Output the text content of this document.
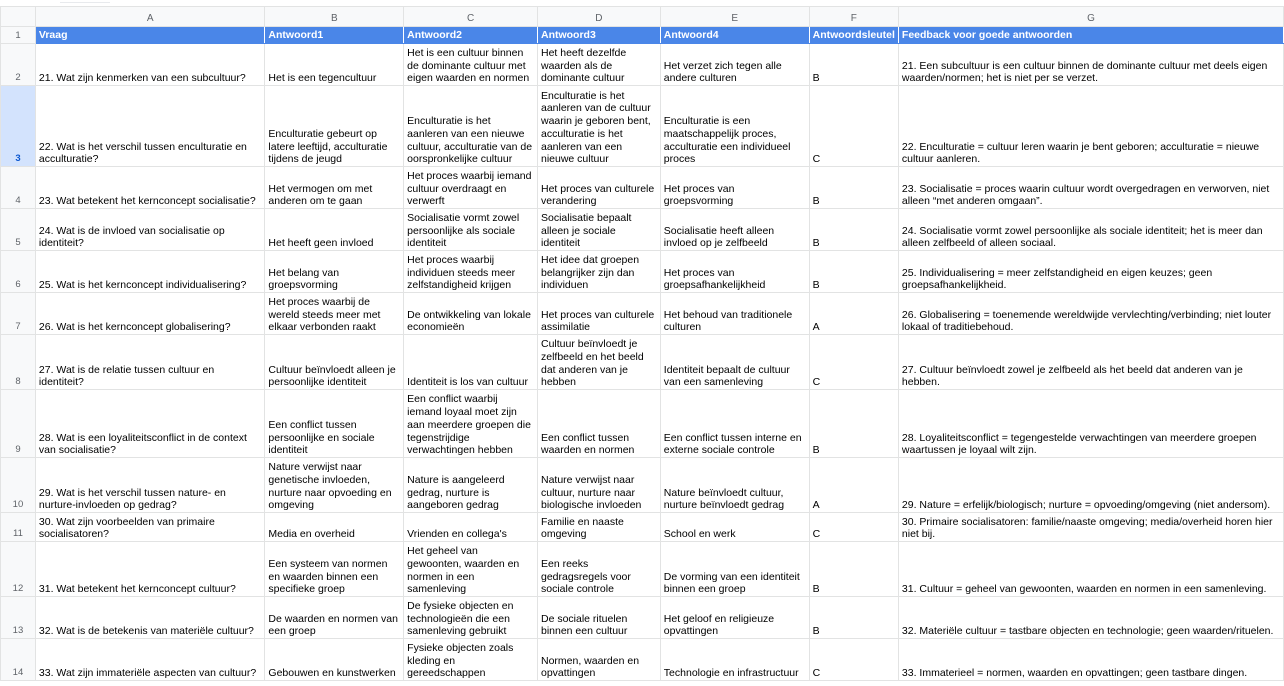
	A	B	C	D	E	F	G
1	Vraag	Antwoord1	Antwoord2	Antwoord3	Antwoord4	Antwoordsleutel	Feedback voor goede antwoorden
2	21. Wat zijn kenmerken van een subcultuur?	Het is een tegencultuur	Het is een cultuur binnen de dominante cultuur met eigen waarden en normen	Het heeft dezelfde waarden als de dominante cultuur	Het verzet zich tegen alle andere culturen	B	21. Een subcultuur is een cultuur binnen de dominante cultuur met deels eigen waarden/normen; het is niet per se verzet.
3	22. Wat is het verschil tussen enculturatie en acculturatie?	Enculturatie gebeurt op latere leeftijd, acculturatie tijdens de jeugd	Enculturatie is het aanleren van een nieuwe cultuur, acculturatie van de oorspronkelijke cultuur	Enculturatie is het aanleren van de cultuur waarin je geboren bent, acculturatie is het aanleren van een nieuwe cultuur	Enculturatie is een maatschappelijk proces, acculturatie een individueel proces	C	22. Enculturatie = cultuur leren waarin je bent geboren; acculturatie = nieuwe cultuur aanleren.
4	23. Wat betekent het kernconcept socialisatie?	Het vermogen om met anderen om te gaan	Het proces waarbij iemand cultuur overdraagt en verwerft	Het proces van culturele verandering	Het proces van groepsvorming	B	23. Socialisatie = proces waarin cultuur wordt overgedragen en verworven, niet alleen “met anderen omgaan”.
5	24. Wat is de invloed van socialisatie op identiteit?	Het heeft geen invloed	Socialisatie vormt zowel persoonlijke als sociale identiteit	Socialisatie bepaalt alleen je sociale identiteit	Socialisatie heeft alleen invloed op je zelfbeeld	B	24. Socialisatie vormt zowel persoonlijke als sociale identiteit; het is meer dan alleen zelfbeeld of alleen sociaal.
6	25. Wat is het kernconcept individualisering?	Het belang van groepsvorming	Het proces waarbij individuen steeds meer zelfstandigheid krijgen	Het idee dat groepen belangrijker zijn dan individuen	Het proces van groepsafhankelijkheid	B	25. Individualisering = meer zelfstandigheid en eigen keuzes; geen groepsafhankelijkheid.
7	26. Wat is het kernconcept globalisering?	Het proces waarbij de wereld steeds meer met elkaar verbonden raakt	De ontwikkeling van lokale economieën	Het proces van culturele assimilatie	Het behoud van traditionele culturen	A	26. Globalisering = toenemende wereldwijde vervlechting/verbinding; niet louter lokaal of traditiebehoud.
8	27. Wat is de relatie tussen cultuur en identiteit?	Cultuur beïnvloedt alleen je persoonlijke identiteit	Identiteit is los van cultuur	Cultuur beïnvloedt je zelfbeeld en het beeld dat anderen van je hebben	Identiteit bepaalt de cultuur van een samenleving	C	27. Cultuur beïnvloedt zowel je zelfbeeld als het beeld dat anderen van je hebben.
9	28. Wat is een loyaliteitsconflict in de context van socialisatie?	Een conflict tussen persoonlijke en sociale identiteit	Een conflict waarbij iemand loyaal moet zijn aan meerdere groepen die tegenstrijdige verwachtingen hebben	Een conflict tussen waarden en normen	Een conflict tussen interne en externe sociale controle	B	28. Loyaliteitsconflict = tegengestelde verwachtingen van meerdere groepen waartussen je loyaal wilt zijn.
10	29. Wat is het verschil tussen nature- en nurture-invloeden op gedrag?	Nature verwijst naar genetische invloeden, nurture naar opvoeding en omgeving	Nature is aangeleerd gedrag, nurture is aangeboren gedrag	Nature verwijst naar cultuur, nurture naar biologische invloeden	Nature beïnvloedt cultuur, nurture beïnvloedt gedrag	A	29. Nature = erfelijk/biologisch; nurture = opvoeding/omgeving (niet andersom).
11	30. Wat zijn voorbeelden van primaire socialisatoren?	Media en overheid	Vrienden en collega's	Familie en naaste omgeving	School en werk	C	30. Primaire socialisatoren: familie/naaste omgeving; media/overheid horen hier niet bij.
12	31. Wat betekent het kernconcept cultuur?	Een systeem van normen en waarden binnen een specifieke groep	Het geheel van gewoonten, waarden en normen in een samenleving	Een reeks gedragsregels voor sociale controle	De vorming van een identiteit binnen een groep	B	31. Cultuur = geheel van gewoonten, waarden en normen in een samenleving.
13	32. Wat is de betekenis van materiële cultuur?	De waarden en normen van een groep	De fysieke objecten en technologieën die een samenleving gebruikt	De sociale rituelen binnen een cultuur	Het geloof en religieuze opvattingen	B	32. Materiële cultuur = tastbare objecten en technologie; geen waarden/rituelen.
14	33. Wat zijn immateriële aspecten van cultuur?	Gebouwen en kunstwerken	Fysieke objecten zoals kleding en gereedschappen	Normen, waarden en opvattingen	Technologie en infrastructuur	C	33. Immaterieel = normen, waarden en opvattingen; geen tastbare dingen.
